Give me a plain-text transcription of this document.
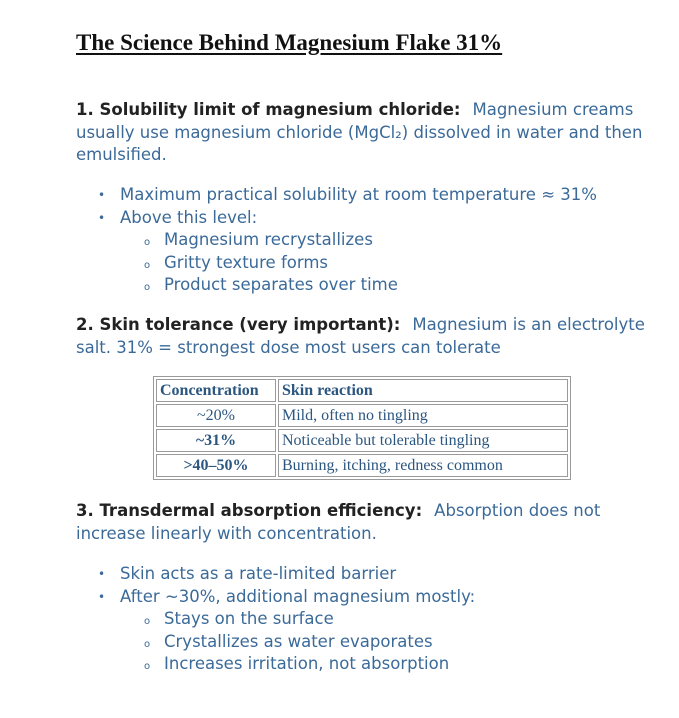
The Science Behind Magnesium Flake 31%
1. Solubility limit of magnesium chloride: Magnesium creams usually use magnesium chloride (MgCl₂) dissolved in water and then emulsified.
• Maximum practical solubility at room temperature ≈ 31%
• Above this level:
o Magnesium recrystallizes
o Gritty texture forms
o Product separates over time
2. Skin tolerance (very important): Magnesium is an electrolyte salt. 31% = strongest dose most users can tolerate
Concentration	Skin reaction
~20%	Mild, often no tingling
~31%	Noticeable but tolerable tingling
>40–50%	Burning, itching, redness common
3. Transdermal absorption efficiency: Absorption does not increase linearly with concentration.
• Skin acts as a rate-limited barrier
• After ~30%, additional magnesium mostly:
o Stays on the surface
o Crystallizes as water evaporates
o Increases irritation, not absorption
